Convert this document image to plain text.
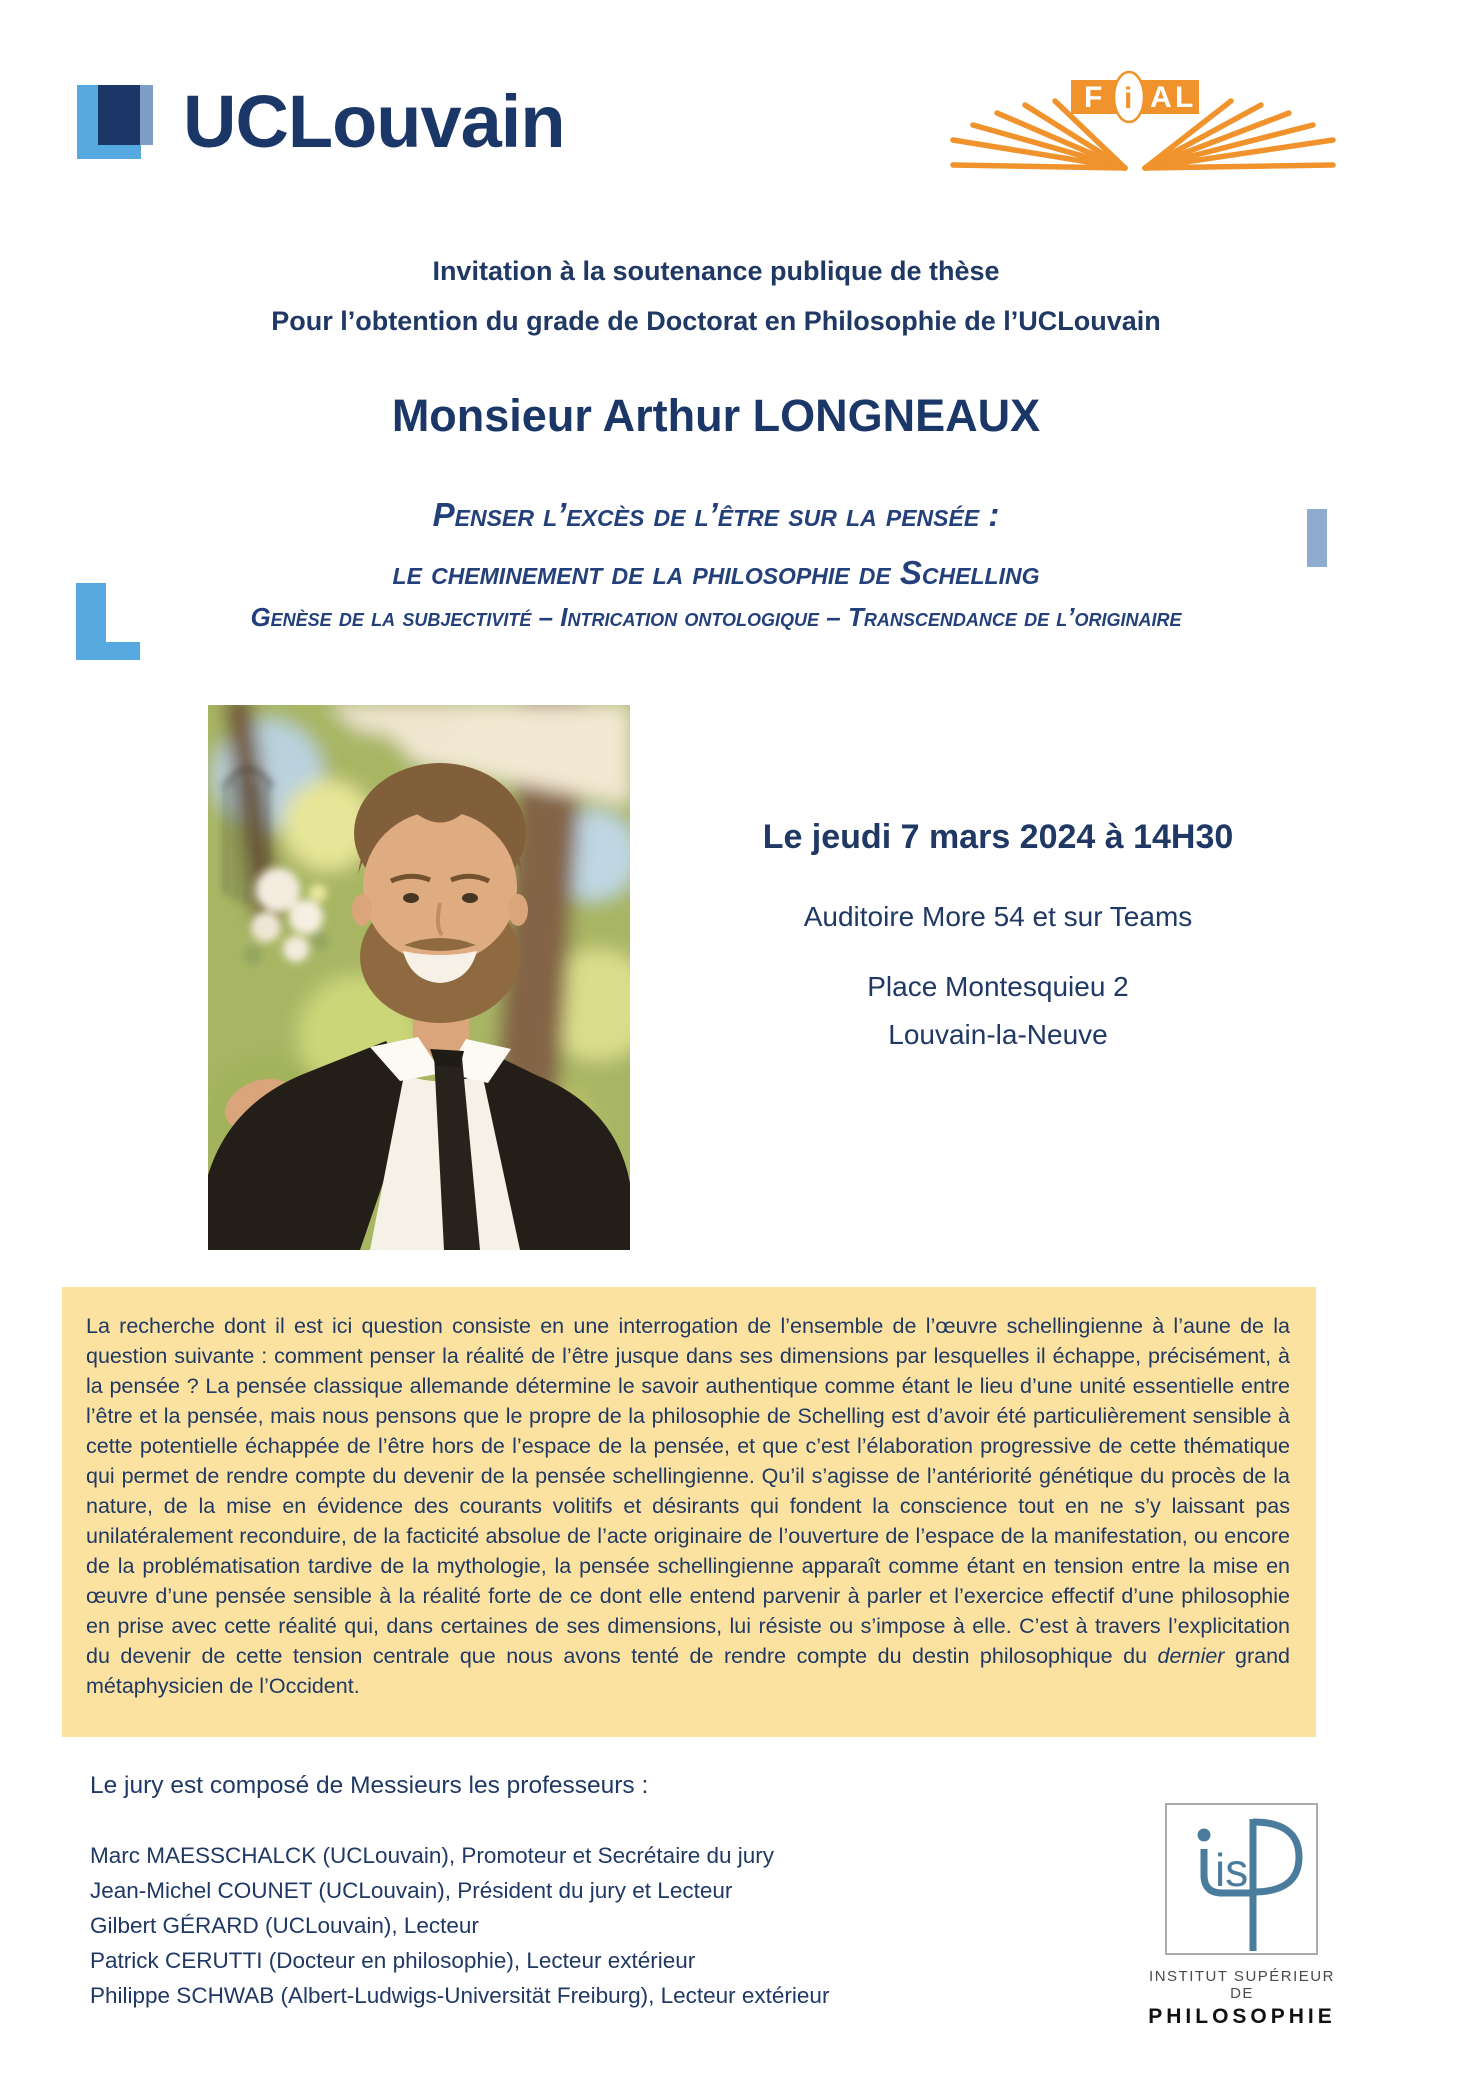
UCLouvain	F i A L
Invitation à la soutenance publique de thèse
Pour l’obtention du grade de Doctorat en Philosophie de l’UCLouvain
Monsieur Arthur LONGNEAUX
Penser l’excès de l’être sur la pensée :
le cheminement de la philosophie de Schelling
Genèse de la subjectivité – Intrication ontologique – Transcendance de l’originaire
Le jeudi 7 mars 2024 à 14H30
Auditoire More 54 et sur Teams
Place Montesquieu 2
Louvain-la-Neuve
La recherche dont il est ici question consiste en une interrogation de l’ensemble de l’œuvre schellingienne à l’aune de la question suivante : comment penser la réalité de l’être jusque dans ses dimensions par lesquelles il échappe, précisément, à la pensée ? La pensée classique allemande détermine le savoir authentique comme étant le lieu d’une unité essentielle entre l’être et la pensée, mais nous pensons que le propre de la philosophie de Schelling est d’avoir été particulièrement sensible à cette potentielle échappée de l’être hors de l’espace de la pensée, et que c’est l’élaboration progressive de cette thématique qui permet de rendre compte du devenir de la pensée schellingienne. Qu’il s’agisse de l’antériorité génétique du procès de la nature, de la mise en évidence des courants volitifs et désirants qui fondent la conscience tout en ne s’y laissant pas unilatéralement reconduire, de la facticité absolue de l’acte originaire de l’ouverture de l’espace de la manifestation, ou encore de la problématisation tardive de la mythologie, la pensée schellingienne apparaît comme étant en tension entre la mise en œuvre d’une pensée sensible à la réalité forte de ce dont elle entend parvenir à parler et l’exercice effectif d’une philosophie en prise avec cette réalité qui, dans certaines de ses dimensions, lui résiste ou s’impose à elle. C’est à travers l’explicitation du devenir de cette tension centrale que nous avons tenté de rendre compte du destin philosophique du dernier grand métaphysicien de l’Occident.
Le jury est composé de Messieurs les professeurs :
Marc MAESSCHALCK (UCLouvain), Promoteur et Secrétaire du jury
Jean-Michel COUNET (UCLouvain), Président du jury et Lecteur
Gilbert GÉRARD (UCLouvain), Lecteur
Patrick CERUTTI (Docteur en philosophie), Lecteur extérieur
Philippe SCHWAB (Albert-Ludwigs-Universität Freiburg), Lecteur extérieur
is
INSTITUT SUPÉRIEUR DE
PHILOSOPHIE
